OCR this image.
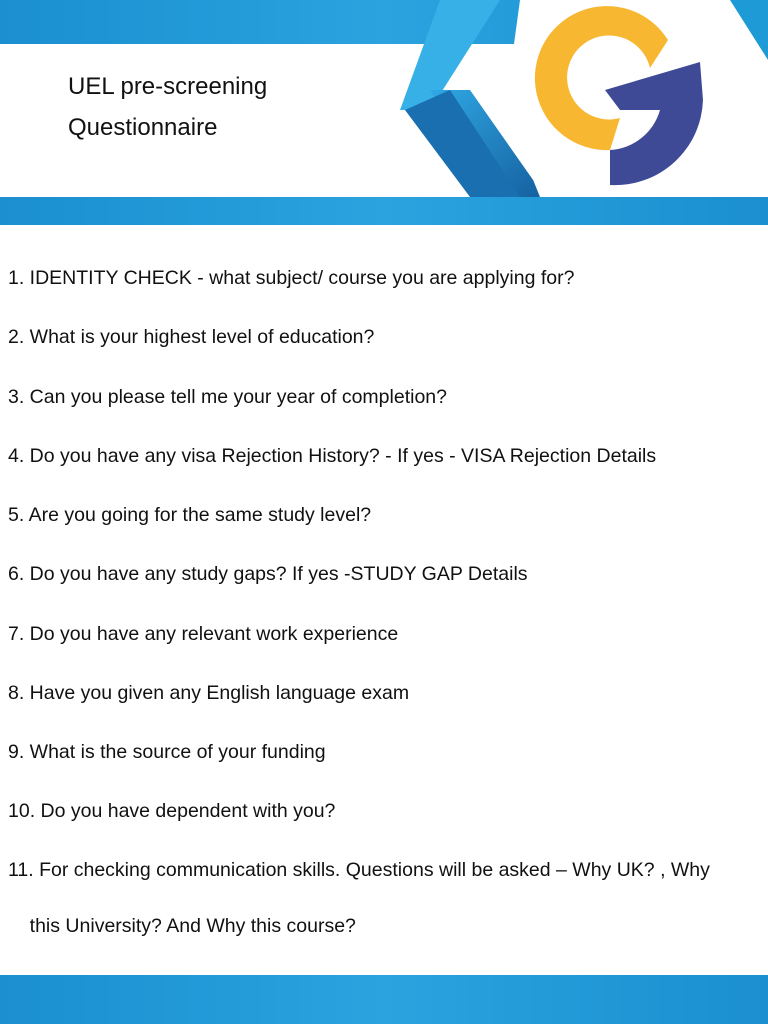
UEL pre-screening
Questionnaire
1. IDENTITY CHECK - what subject/ course you are applying for?
2. What is your highest level of education?
3. Can you please tell me your year of completion?
4. Do you have any visa Rejection History? - If yes - VISA Rejection Details
5. Are you going for the same study level?
6. Do you have any study gaps? If yes -STUDY GAP Details
7. Do you have any relevant work experience
8. Have you given any English language exam
9. What is the source of your funding
10. Do you have dependent with you?
11. For checking communication skills. Questions will be asked – Why UK? , Why
this University? And Why this course?
